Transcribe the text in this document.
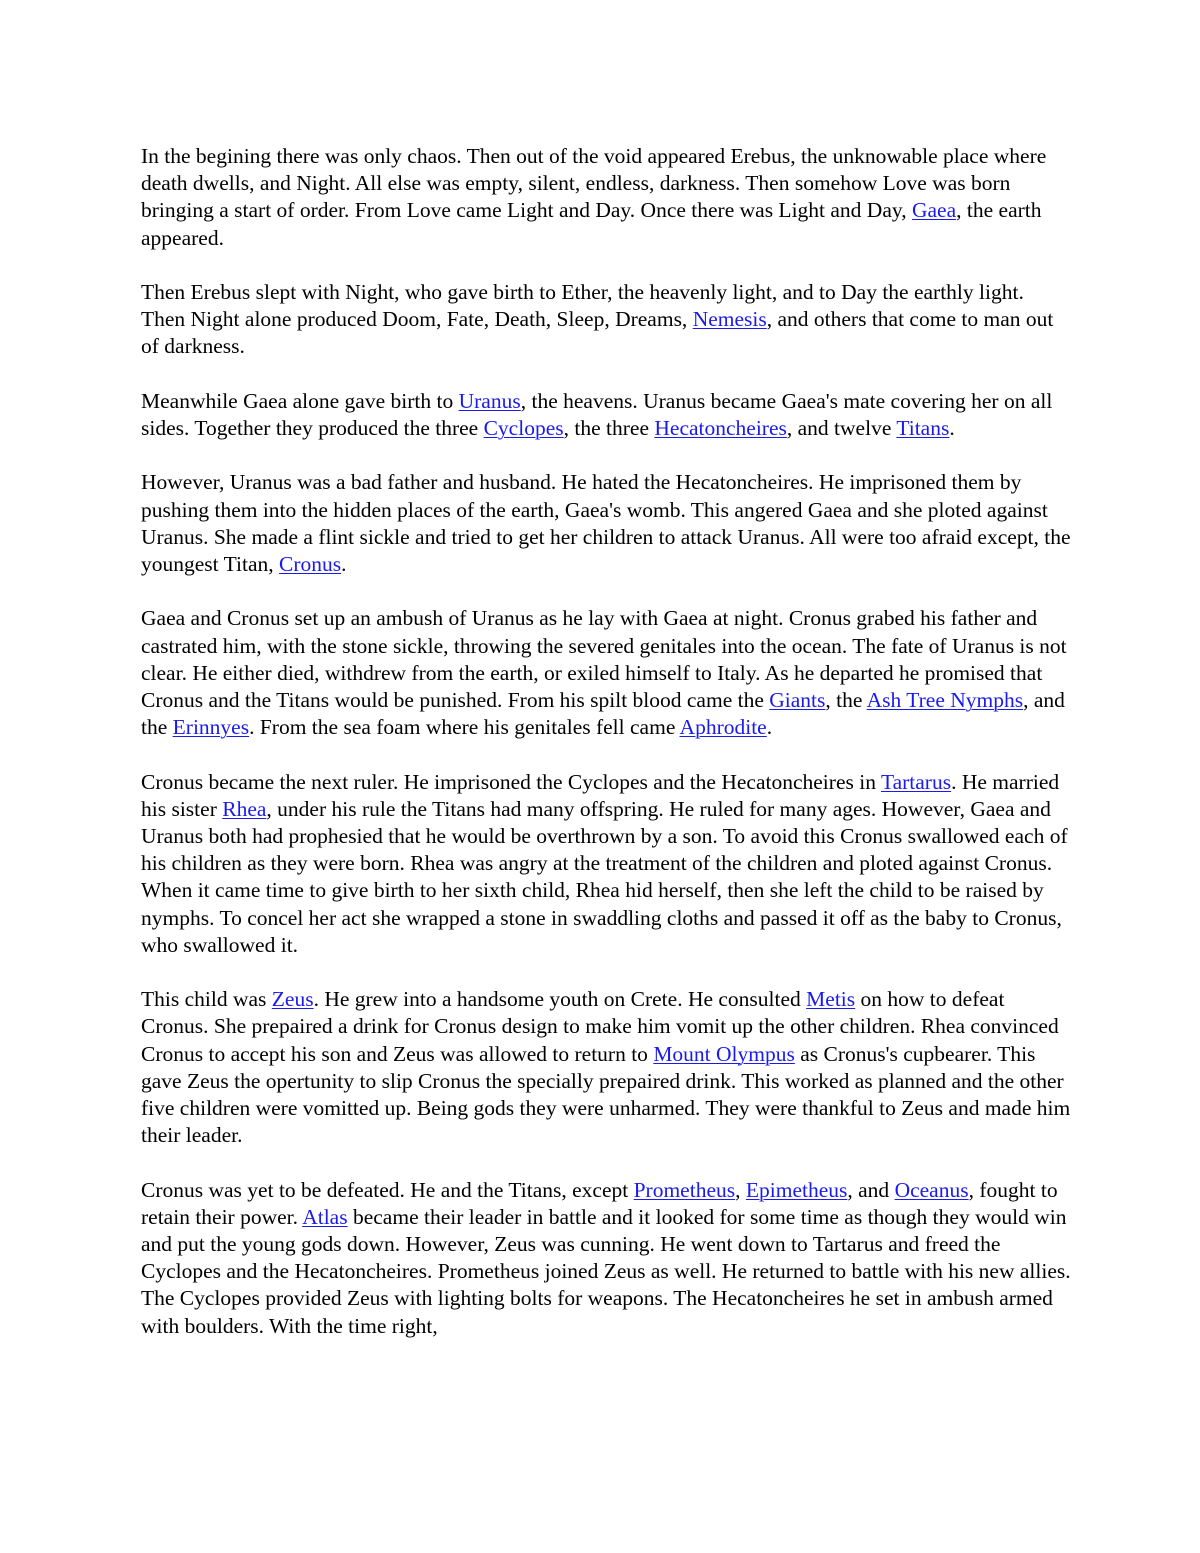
In the begining there was only chaos. Then out of the void appeared Erebus, the unknowable place where death dwells, and Night. All else was empty, silent, endless, darkness. Then somehow Love was born bringing a start of order. From Love came Light and Day. Once there was Light and Day, Gaea, the earth appeared.

Then Erebus slept with Night, who gave birth to Ether, the heavenly light, and to Day the earthly light. Then Night alone produced Doom, Fate, Death, Sleep, Dreams, Nemesis, and others that come to man out of darkness.

Meanwhile Gaea alone gave birth to Uranus, the heavens. Uranus became Gaea's mate covering her on all sides. Together they produced the three Cyclopes, the three Hecatoncheires, and twelve Titans.

However, Uranus was a bad father and husband. He hated the Hecatoncheires. He imprisoned them by pushing them into the hidden places of the earth, Gaea's womb. This angered Gaea and she ploted against Uranus. She made a flint sickle and tried to get her children to attack Uranus. All were too afraid except, the youngest Titan, Cronus.

Gaea and Cronus set up an ambush of Uranus as he lay with Gaea at night. Cronus grabed his father and castrated him, with the stone sickle, throwing the severed genitales into the ocean. The fate of Uranus is not clear. He either died, withdrew from the earth, or exiled himself to Italy. As he departed he promised that Cronus and the Titans would be punished. From his spilt blood came the Giants, the Ash Tree Nymphs, and the Erinnyes. From the sea foam where his genitales fell came Aphrodite.

Cronus became the next ruler. He imprisoned the Cyclopes and the Hecatoncheires in Tartarus. He married his sister Rhea, under his rule the Titans had many offspring. He ruled for many ages. However, Gaea and Uranus both had prophesied that he would be overthrown by a son. To avoid this Cronus swallowed each of his children as they were born. Rhea was angry at the treatment of the children and ploted against Cronus. When it came time to give birth to her sixth child, Rhea hid herself, then she left the child to be raised by nymphs. To concel her act she wrapped a stone in swaddling cloths and passed it off as the baby to Cronus, who swallowed it.

This child was Zeus. He grew into a handsome youth on Crete. He consulted Metis on how to defeat Cronus. She prepaired a drink for Cronus design to make him vomit up the other children. Rhea convinced Cronus to accept his son and Zeus was allowed to return to Mount Olympus as Cronus's cupbearer. This gave Zeus the opertunity to slip Cronus the specially prepaired drink. This worked as planned and the other five children were vomitted up. Being gods they were unharmed. They were thankful to Zeus and made him their leader.

Cronus was yet to be defeated. He and the Titans, except Prometheus, Epimetheus, and Oceanus, fought to retain their power. Atlas became their leader in battle and it looked for some time as though they would win and put the young gods down. However, Zeus was cunning. He went down to Tartarus and freed the Cyclopes and the Hecatoncheires. Prometheus joined Zeus as well. He returned to battle with his new allies. The Cyclopes provided Zeus with lighting bolts for weapons. The Hecatoncheires he set in ambush armed with boulders. With the time right,
